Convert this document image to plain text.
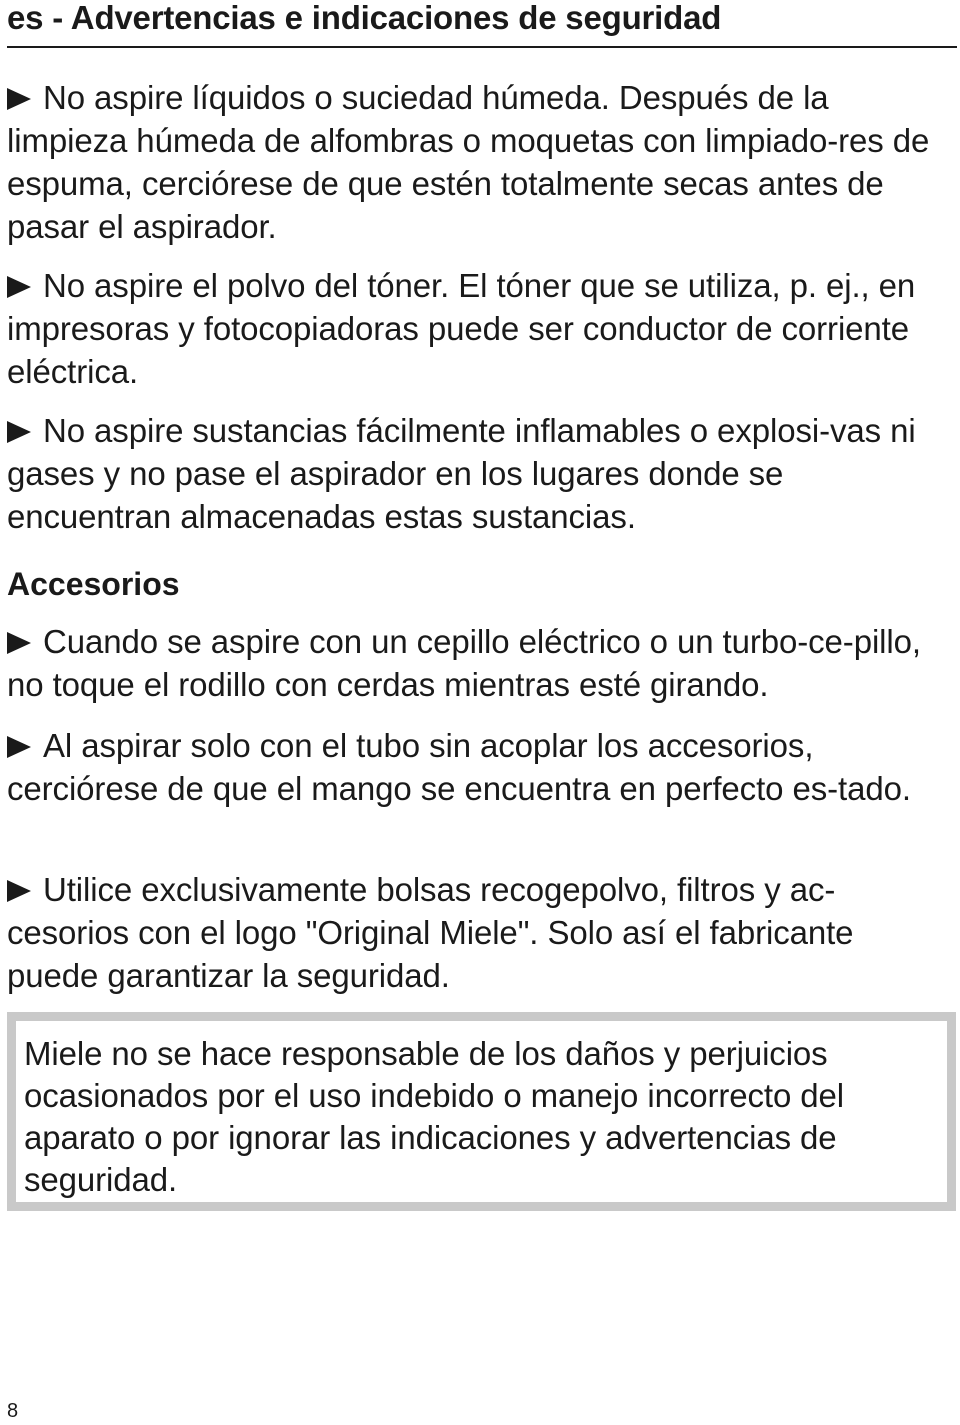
es - Advertencias e indicaciones de seguridad

No aspire líquidos o suciedad húmeda. Después de la limpieza húmeda de alfombras o moquetas con limpiado-res de espuma, cerciórese de que estén totalmente secas antes de pasar el aspirador.

No aspire el polvo del tóner. El tóner que se utiliza, p. ej., en impresoras y fotocopiadoras puede ser conductor de corriente eléctrica.

No aspire sustancias fácilmente inflamables o explosi-vas ni gases y no pase el aspirador en los lugares donde se encuentran almacenadas estas sustancias.

Accesorios

Cuando se aspire con un cepillo eléctrico o un turbo-ce-pillo, no toque el rodillo con cerdas mientras esté girando.

Al aspirar solo con el tubo sin acoplar los accesorios, cerciórese de que el mango se encuentra en perfecto es-tado.

Utilice exclusivamente bolsas recogepolvo, filtros y ac-cesorios con el logo "Original Miele". Solo así el fabricante puede garantizar la seguridad.

Miele no se hace responsable de los daños y perjuicios ocasionados por el uso indebido o manejo incorrecto del aparato o por ignorar las indicaciones y advertencias de seguridad.

8
